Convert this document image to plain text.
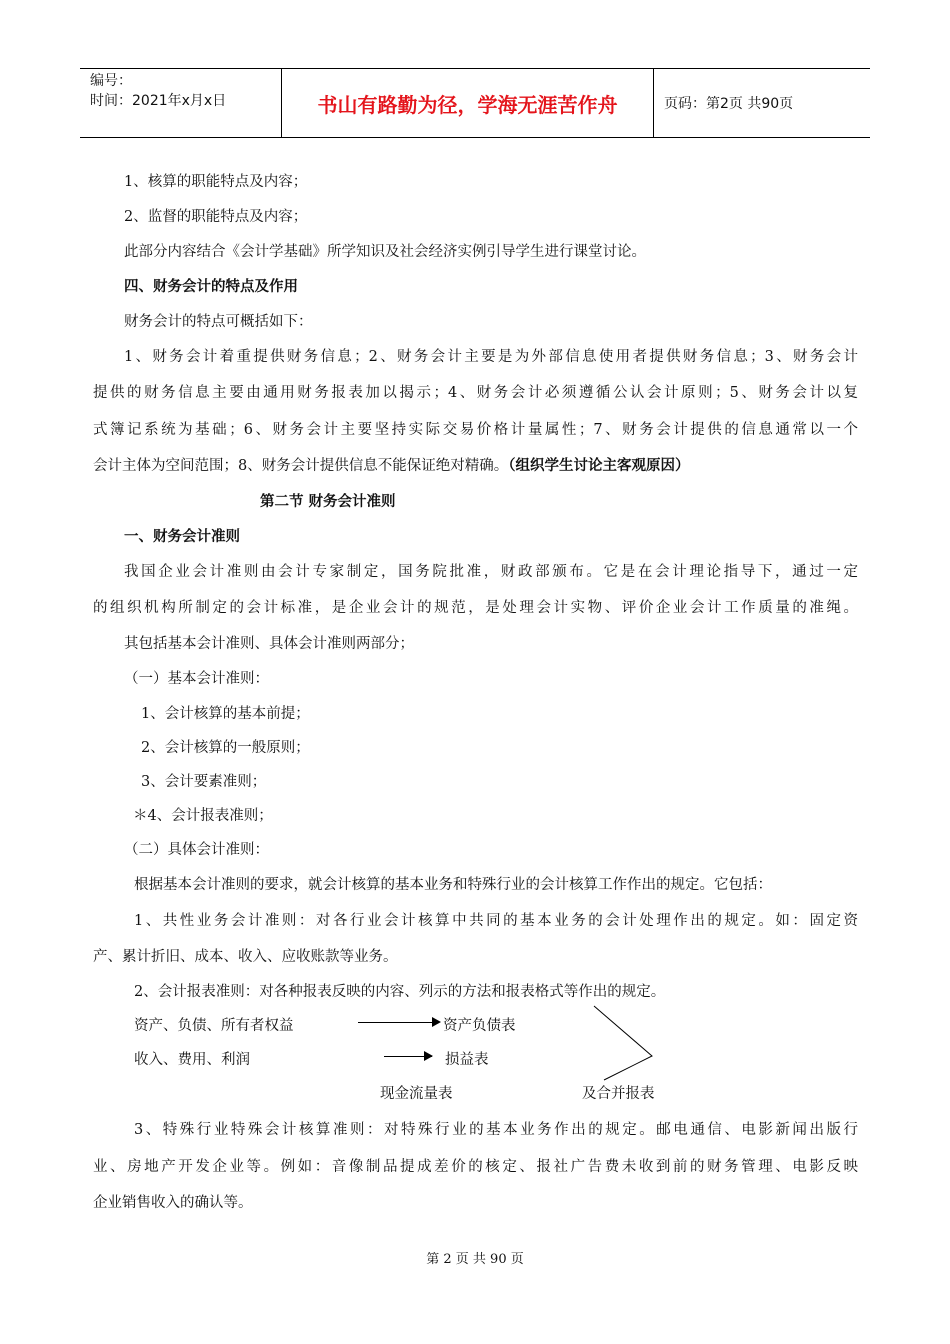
编号：
时间：2021年x月x日	书山有路勤为径，学海无涯苦作舟	页码：第2页 共90页
1、核算的职能特点及内容；
2、监督的职能特点及内容；
此部分内容结合《会计学基础》所学知识及社会经济实例引导学生进行课堂讨论。
四、财务会计的特点及作用
财务会计的特点可概括如下：
1、财务会计着重提供财务信息；2、财务会计主要是为外部信息使用者提供财务信息；3、财务会计
提供的财务信息主要由通用财务报表加以揭示；4、财务会计必须遵循公认会计原则；5、财务会计以复
式簿记系统为基础；6、财务会计主要坚持实际交易价格计量属性；7、财务会计提供的信息通常以一个
会计主体为空间范围；8、财务会计提供信息不能保证绝对精确。（组织学生讨论主客观原因）
第二节 财务会计准则
一、财务会计准则
我国企业会计准则由会计专家制定，国务院批准，财政部颁布。它是在会计理论指导下，通过一定
的组织机构所制定的会计标准，是企业会计的规范，是处理会计实物、评价企业会计工作质量的准绳。
其包括基本会计准则、具体会计准则两部分；
（一）基本会计准则：
1、会计核算的基本前提；
2、会计核算的一般原则；
3、会计要素准则；
＊4、会计报表准则；
（二）具体会计准则：
根据基本会计准则的要求，就会计核算的基本业务和特殊行业的会计核算工作作出的规定。它包括：
1、共性业务会计准则：对各行业会计核算中共同的基本业务的会计处理作出的规定。如：固定资
产、累计折旧、成本、收入、应收账款等业务。
2、会计报表准则：对各种报表反映的内容、列示的方法和报表格式等作出的规定。
资产、负债、所有者权益	资产负债表
收入、费用、利润	损益表
现金流量表	及合并报表
3、特殊行业特殊会计核算准则：对特殊行业的基本业务作出的规定。邮电通信、电影新闻出版行
业、房地产开发企业等。例如：音像制品提成差价的核定、报社广告费未收到前的财务管理、电影反映
企业销售收入的确认等。
第 2 页 共 90 页
